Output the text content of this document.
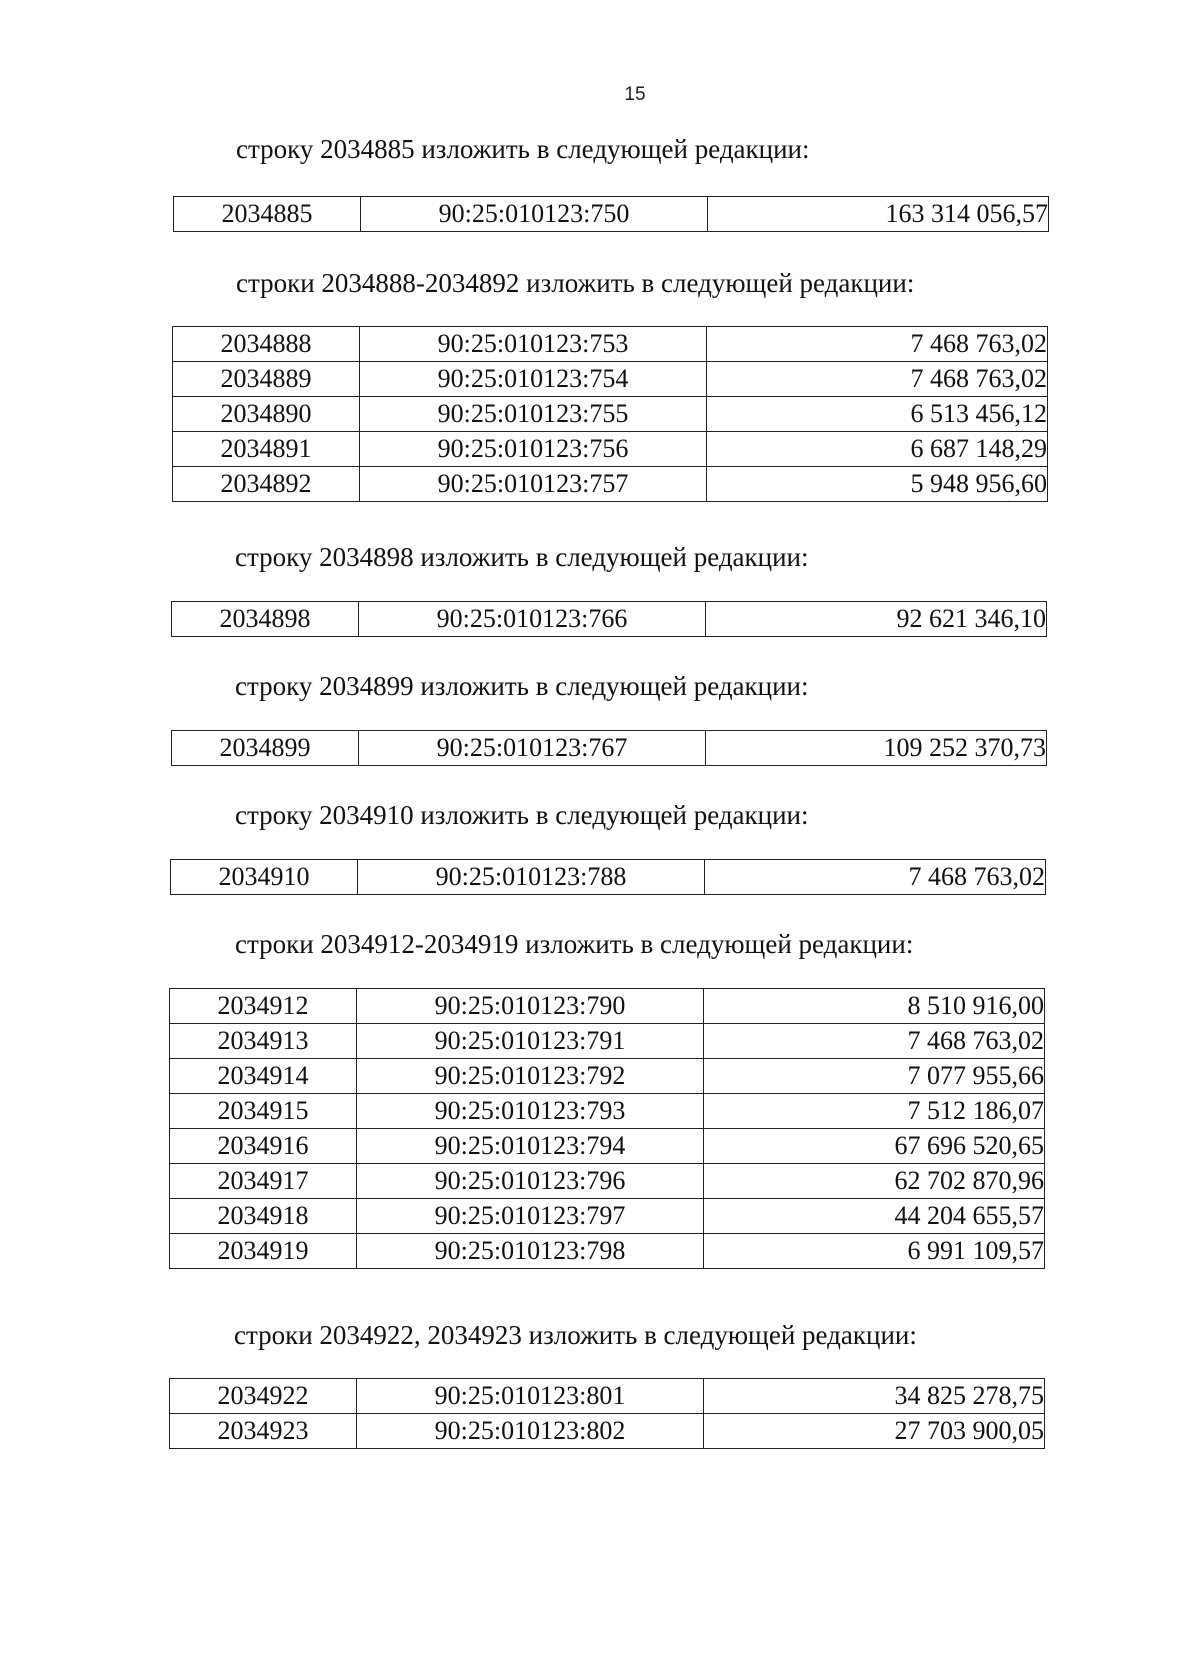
15
строку 2034885 изложить в следующей редакции:
2034885	90:25:010123:750	163 314 056,57
строки 2034888-2034892 изложить в следующей редакции:
2034888	90:25:010123:753	7 468 763,02
2034889	90:25:010123:754	7 468 763,02
2034890	90:25:010123:755	6 513 456,12
2034891	90:25:010123:756	6 687 148,29
2034892	90:25:010123:757	5 948 956,60
строку 2034898 изложить в следующей редакции:
2034898	90:25:010123:766	92 621 346,10
строку 2034899 изложить в следующей редакции:
2034899	90:25:010123:767	109 252 370,73
строку 2034910 изложить в следующей редакции:
2034910	90:25:010123:788	7 468 763,02
строки 2034912-2034919 изложить в следующей редакции:
2034912	90:25:010123:790	8 510 916,00
2034913	90:25:010123:791	7 468 763,02
2034914	90:25:010123:792	7 077 955,66
2034915	90:25:010123:793	7 512 186,07
2034916	90:25:010123:794	67 696 520,65
2034917	90:25:010123:796	62 702 870,96
2034918	90:25:010123:797	44 204 655,57
2034919	90:25:010123:798	6 991 109,57
строки 2034922, 2034923 изложить в следующей редакции:
2034922	90:25:010123:801	34 825 278,75
2034923	90:25:010123:802	27 703 900,05
